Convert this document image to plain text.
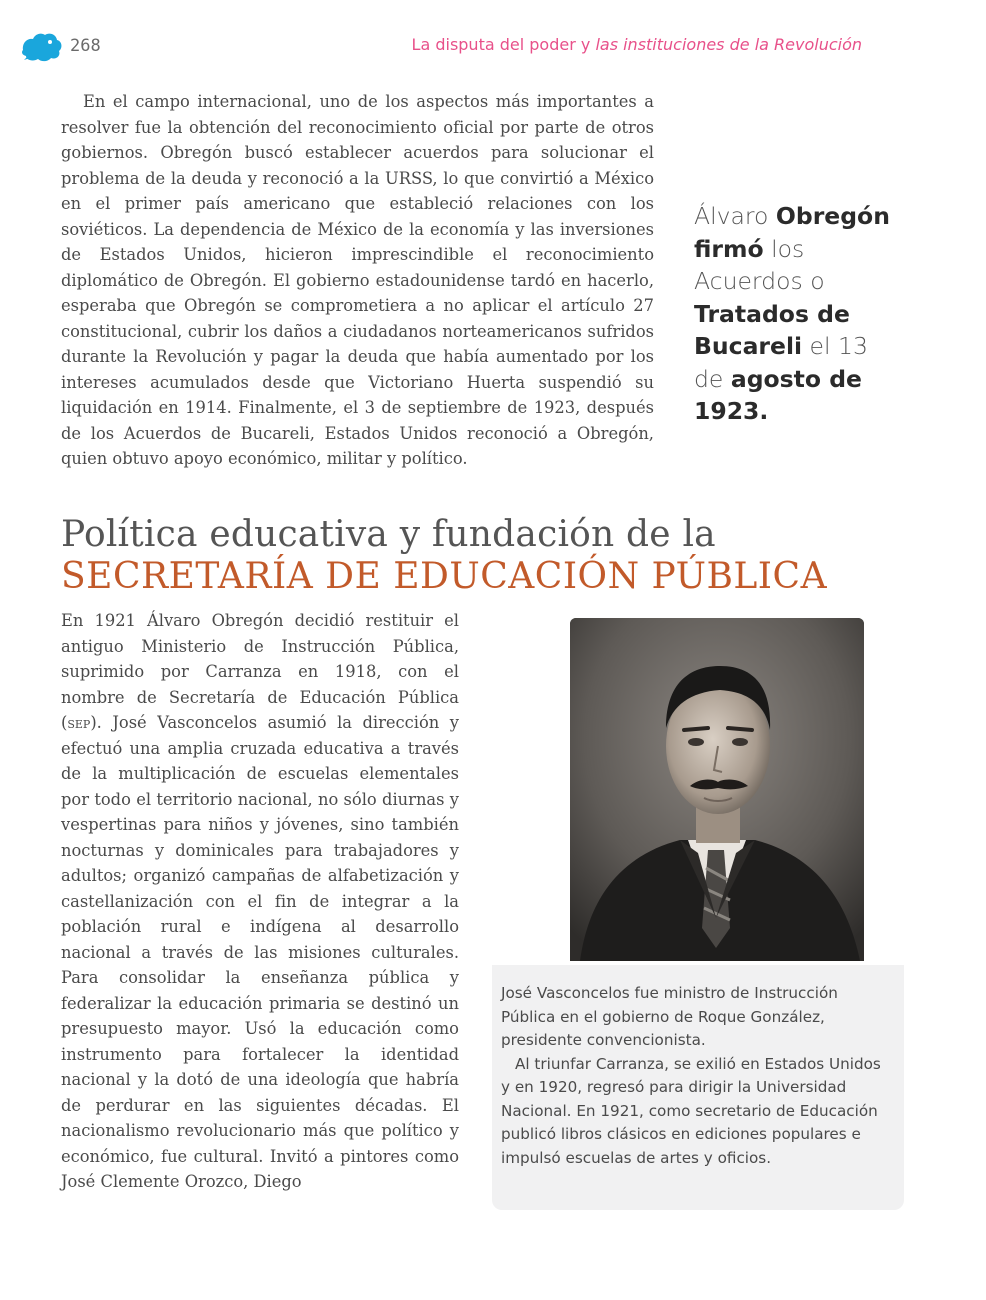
268	La disputa del poder y las instituciones de la Revolución

En el campo internacional, uno de los aspectos más importantes a resolver fue la obtención del reconocimiento oficial por parte de otros gobiernos. Obregón buscó establecer acuerdos para solucionar el problema de la deuda y reconoció a la URSS, lo que convirtió a México en el primer país americano que estableció relaciones con los soviéticos. La dependencia de México de la economía y las inversiones de Estados Unidos, hicieron imprescindible el reconocimiento diplomático de Obregón. El gobierno estadounidense tardó en hacerlo, esperaba que Obregón se comprometiera a no aplicar el artículo 27 constitucional, cubrir los daños a ciudadanos norteamericanos sufridos durante la Revolución y pagar la deuda que había aumentado por los intereses acumulados desde que Victoriano Huerta suspendió su liquidación en 1914. Finalmente, el 3 de septiembre de 1923, después de los Acuerdos de Bucareli, Estados Unidos reconoció a Obregón, quien obtuvo apoyo económico, militar y político.

Álvaro Obregón firmó los Acuerdos o Tratados de Bucareli el 13 de agosto de 1923.
Política educativa y fundación de la
SECRETARÍA DE EDUCACIÓN PÚBLICA

En 1921 Álvaro Obregón decidió restituir el antiguo Ministerio de Instrucción Pública, suprimido por Carranza en 1918, con el nombre de Secretaría de Educación Pública (sep). José Vasconcelos asumió la dirección y efectuó una amplia cruzada educativa a través de la multiplicación de escuelas elementales por todo el territorio nacional, no sólo diurnas y vespertinas para niños y jóvenes, sino también nocturnas y dominicales para trabajadores y adultos; organizó campañas de alfabetización y castellanización con el fin de integrar a la población rural e indígena al desarrollo nacional a través de las misiones culturales. Para consolidar la enseñanza pública y federalizar la educación primaria se destinó un presupuesto mayor. Usó la educación como instrumento para fortalecer la identidad nacional y la dotó de una ideología que habría de perdurar en las siguientes décadas. El nacionalismo revolucionario más que político y económico, fue cultural. Invitó a pintores como José Clemente Orozco, Diego

José Vasconcelos fue ministro de Instrucción Pública en el gobierno de Roque González, presidente convencionista.

Al triunfar Carranza, se exilió en Estados Unidos y en 1920, regresó para dirigir la Universidad Nacional. En 1921, como secretario de Educación publicó libros clásicos en ediciones populares e impulsó escuelas de artes y oficios.
